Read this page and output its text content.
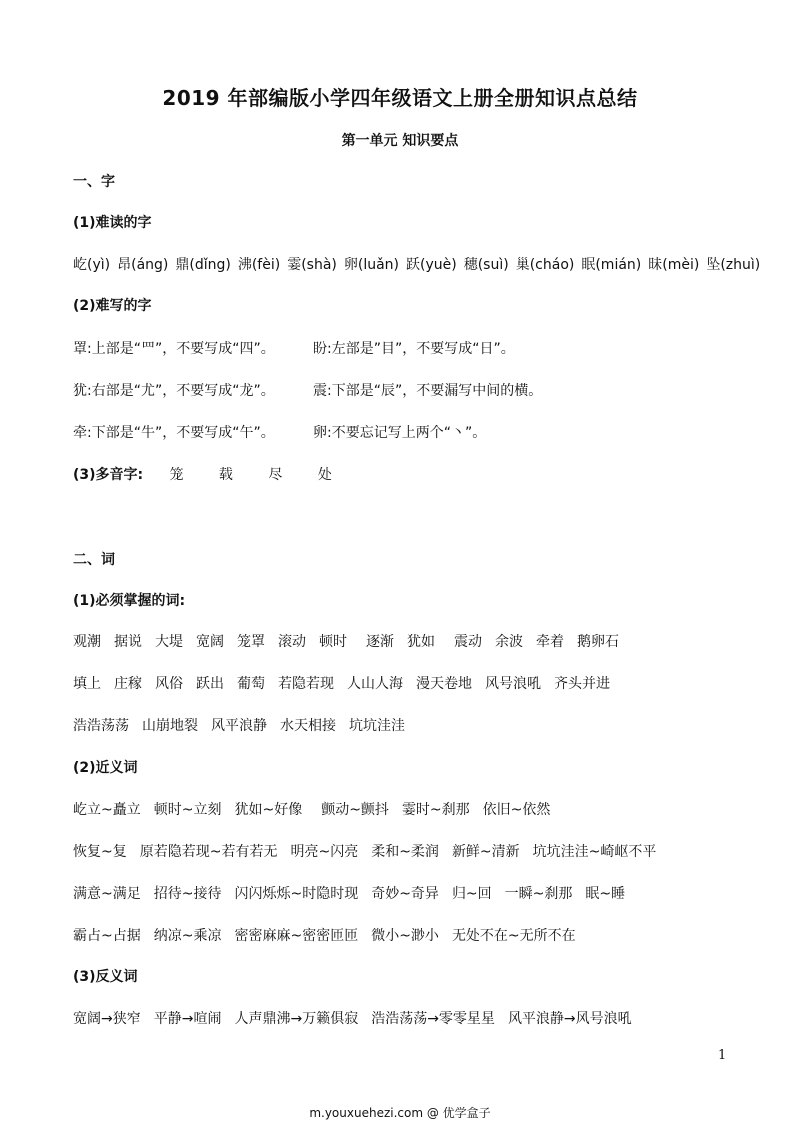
2019 年部编版小学四年级语文上册全册知识点总结
第一单元 知识要点
一、字
(1)难读的字
屹(yì) 昂(áng) 鼎(dǐng) 沸(fèi) 霎(shà) 卵(luǎn) 跃(yuè) 穗(suì) 巢(cháo) 眠(mián) 昧(mèi) 坠(zhuì)
(2)难写的字
罩:上部是“罒”，不要写成“四”。	盼:左部是”目”，不要写成“日”。
犹:右部是“尤”，不要写成“龙”。	震:下部是“辰”，不要漏写中间的横。
牵:下部是“牛”，不要写成“午”。	卵:不要忘记写上两个“丶”。
(3)多音字: 笼	载	尽	处
二、词
(1)必须掌握的词:
观潮 据说 大堤 宽阔 笼罩 滚动 顿时 逐渐 犹如 震动 余波 牵着 鹅卵石
填上 庄稼 风俗 跃出 葡萄 若隐若现 人山人海 漫天卷地 风号浪吼 齐头并进
浩浩荡荡 山崩地裂 风平浪静 水天相接 坑坑洼洼
(2)近义词
屹立~矗立 顿时~立刻 犹如~好像 颤动~颤抖 霎时~刹那 依旧~依然
恢复~复 原若隐若现~若有若无 明亮~闪亮 柔和~柔润 新鲜~清新 坑坑洼洼~崎岖不平
满意~满足 招待~接待 闪闪烁烁~时隐时现 奇妙~奇异 归~回 一瞬~刹那 眠~睡
霸占~占据 纳凉~乘凉 密密麻麻~密密匝匝 微小~渺小 无处不在~无所不在
(3)反义词
宽阔→狭窄 平静→喧闹 人声鼎沸→万籁俱寂 浩浩荡荡→零零星星 风平浪静→风号浪吼
1
m.youxuehezi.com @ 优学盒子
